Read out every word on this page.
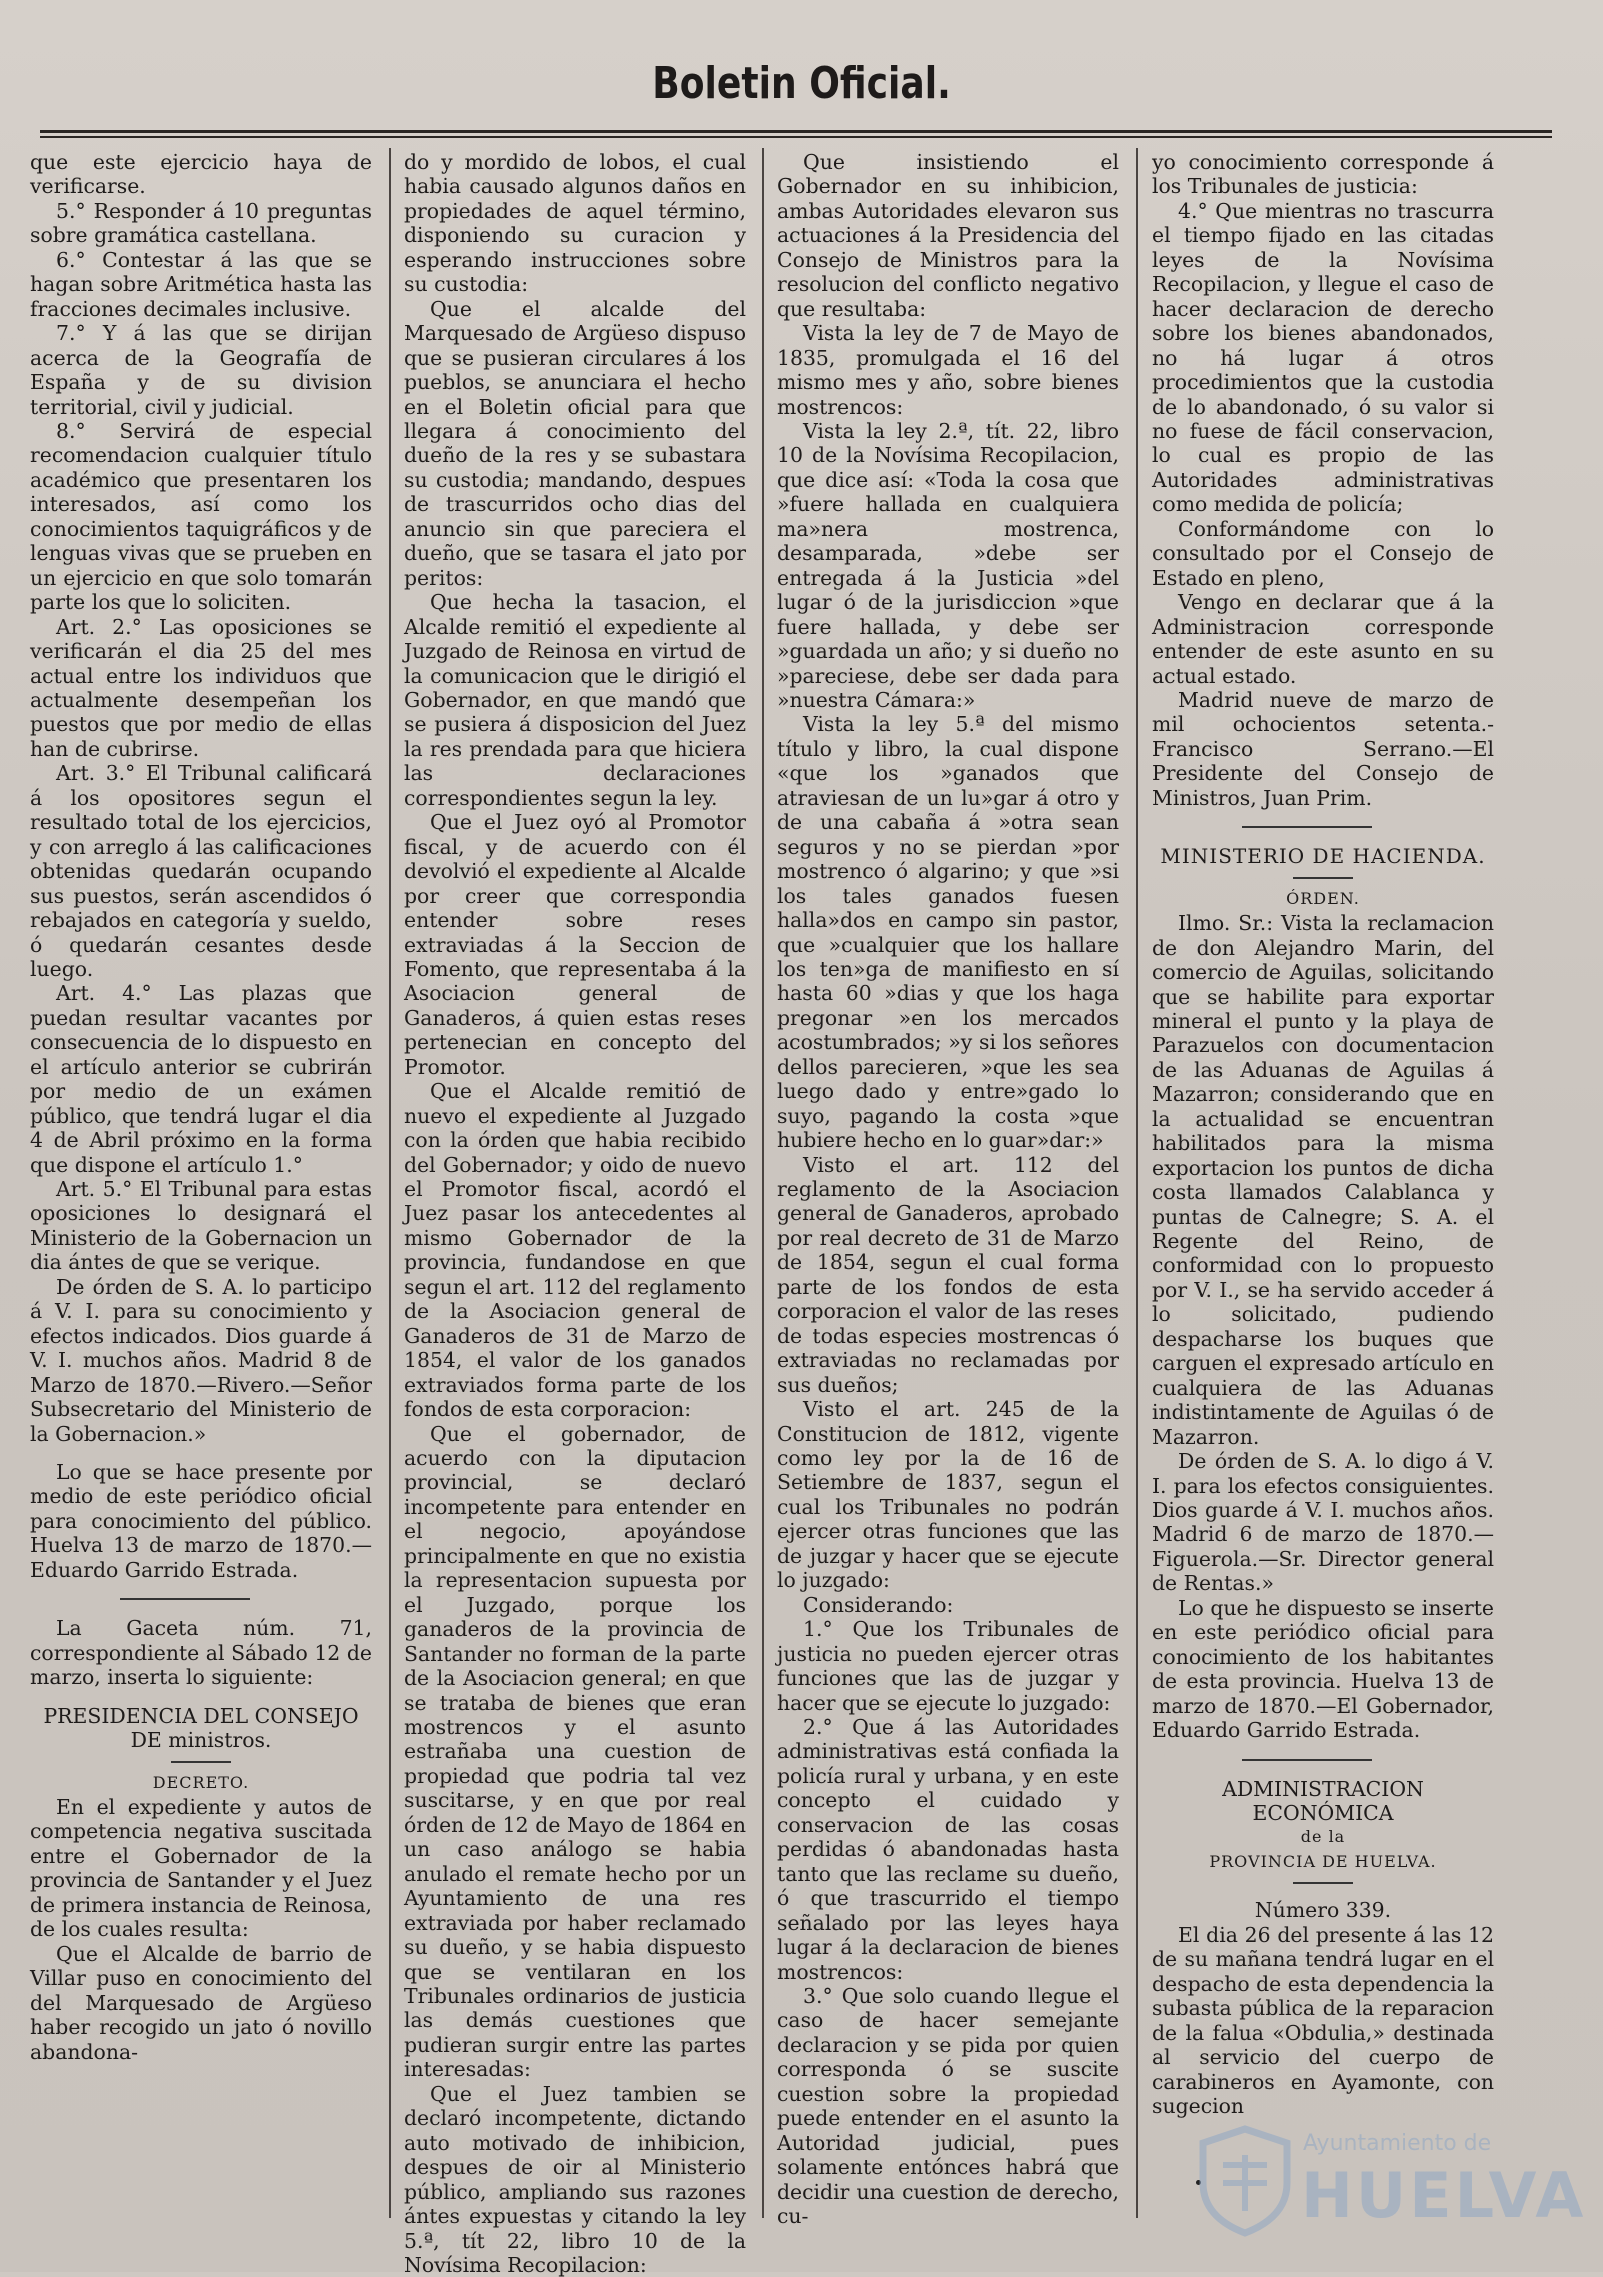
Boletin Oficial.

que este ejercicio haya de verificarse.

5.° Responder á 10 preguntas sobre gramática castellana.

6.° Contestar á las que se hagan sobre Aritmética hasta las fracciones decimales inclusive.

7.° Y á las que se dirijan acerca de la Geografía de España y de su division territorial, civil y judicial.

8.° Servirá de especial recomendacion cualquier título académico que presentaren los interesados, así como los conocimientos taquigráficos y de lenguas vivas que se prueben en un ejercicio en que solo tomarán parte los que lo soliciten.

Art. 2.° Las oposiciones se verificarán el dia 25 del mes actual entre los individuos que actualmente desempeñan los puestos que por medio de ellas han de cubrirse.

Art. 3.° El Tribunal calificará á los opositores segun el resultado total de los ejercicios, y con arreglo á las calificaciones obtenidas quedarán ocupando sus puestos, serán ascendidos ó rebajados en categoría y sueldo, ó quedarán cesantes desde luego.

Art. 4.° Las plazas que puedan resultar vacantes por consecuencia de lo dispuesto en el artículo anterior se cubrirán por medio de un exámen público, que tendrá lugar el dia 4 de Abril próximo en la forma que dispone el artículo 1.°

Art. 5.° El Tribunal para estas oposiciones lo designará el Ministerio de la Gobernacion un dia ántes de que se verique.

De órden de S. A. lo participo á V. I. para su conocimiento y efectos indicados. Dios guarde á V. I. muchos años. Madrid 8 de Marzo de 1870.—Rivero.—Señor Subsecretario del Ministerio de la Gobernacion.»

Lo que se hace presente por medio de este periódico oficial para conocimiento del público. Huelva 13 de marzo de 1870.—Eduardo Garrido Estrada.

La Gaceta núm. 71, correspondiente al Sábado 12 de marzo, inserta lo siguiente:

PRESIDENCIA DEL CONSEJO DE ministros.

DECRETO.

En el expediente y autos de competencia negativa suscitada entre el Gobernador de la provincia de Santander y el Juez de primera instancia de Reinosa, de los cuales resulta:

Que el Alcalde de barrio de Villar puso en conocimiento del del Marquesado de Argüeso haber recogido un jato ó novillo abandona-

do y mordido de lobos, el cual habia causado algunos daños en propiedades de aquel término, disponiendo su curacion y esperando instrucciones sobre su custodia:

Que el alcalde del Marquesado de Argüeso dispuso que se pusieran circulares á los pueblos, se anunciara el hecho en el Boletin oficial para que llegara á conocimiento del dueño de la res y se subastara su custodia; mandando, despues de trascurridos ocho dias del anuncio sin que pareciera el dueño, que se tasara el jato por peritos:

Que hecha la tasacion, el Alcalde remitió el expediente al Juzgado de Reinosa en virtud de la comunicacion que le dirigió el Gobernador, en que mandó que se pusiera á disposicion del Juez la res prendada para que hiciera las declaraciones correspondientes segun la ley.

Que el Juez oyó al Promotor fiscal, y de acuerdo con él devolvió el expediente al Alcalde por creer que correspondia entender sobre reses extraviadas á la Seccion de Fomento, que representaba á la Asociacion general de Ganaderos, á quien estas reses pertenecian en concepto del Promotor.

Que el Alcalde remitió de nuevo el expediente al Juzgado con la órden que habia recibido del Gobernador; y oido de nuevo el Promotor fiscal, acordó el Juez pasar los antecedentes al mismo Gobernador de la provincia, fundandose en que segun el art. 112 del reglamento de la Asociacion general de Ganaderos de 31 de Marzo de 1854, el valor de los ganados extraviados forma parte de los fondos de esta corporacion:

Que el gobernador, de acuerdo con la diputacion provincial, se declaró incompetente para entender en el negocio, apoyándose principalmente en que no existia la representacion supuesta por el Juzgado, porque los ganaderos de la provincia de Santander no forman de la parte de la Asociacion general; en que se trataba de bienes que eran mostrencos y el asunto estrañaba una cuestion de propiedad que podria tal vez suscitarse, y en que por real órden de 12 de Mayo de 1864 en un caso análogo se habia anulado el remate hecho por un Ayuntamiento de una res extraviada por haber reclamado su dueño, y se habia dispuesto que se ventilaran en los Tribunales ordinarios de justicia las demás cuestiones que pudieran surgir entre las partes interesadas:

Que el Juez tambien se declaró incompetente, dictando auto motivado de inhibicion, despues de oir al Ministerio público, ampliando sus razones ántes expuestas y citando la ley 5.ª, tít 22, libro 10 de la Novísima Recopilacion:

Que insistiendo el Gobernador en su inhibicion, ambas Autoridades elevaron sus actuaciones á la Presidencia del Consejo de Ministros para la resolucion del conflicto negativo que resultaba:

Vista la ley de 7 de Mayo de 1835, promulgada el 16 del mismo mes y año, sobre bienes mostrencos:

Vista la ley 2.ª, tít. 22, libro 10 de la Novísima Recopilacion, que dice así: «Toda la cosa que »fuere hallada en cualquiera ma»nera mostrenca, desamparada, »debe ser entregada á la Justicia »del lugar ó de la jurisdiccion »que fuere hallada, y debe ser »guardada un año; y si dueño no »pareciese, debe ser dada para »nuestra Cámara:»

Vista la ley 5.ª del mismo título y libro, la cual dispone «que los »ganados que atraviesan de un lu»gar á otro y de una cabaña á »otra sean seguros y no se pierdan »por mostrenco ó algarino; y que »si los tales ganados fuesen halla»dos en campo sin pastor, que »cualquier que los hallare los ten»ga de manifiesto en sí hasta 60 »dias y que los haga pregonar »en los mercados acostumbrados; »y si los señores dellos parecieren, »que les sea luego dado y entre»gado lo suyo, pagando la costa »que hubiere hecho en lo guar»dar:»

Visto el art. 112 del reglamento de la Asociacion general de Ganaderos, aprobado por real decreto de 31 de Marzo de 1854, segun el cual forma parte de los fondos de esta corporacion el valor de las reses de todas especies mostrencas ó extraviadas no reclamadas por sus dueños;

Visto el art. 245 de la Constitucion de 1812, vigente como ley por la de 16 de Setiembre de 1837, segun el cual los Tribunales no podrán ejercer otras funciones que las de juzgar y hacer que se ejecute lo juzgado:

Considerando:

1.° Que los Tribunales de justicia no pueden ejercer otras funciones que las de juzgar y hacer que se ejecute lo juzgado:

2.° Que á las Autoridades administrativas está confiada la policía rural y urbana, y en este concepto el cuidado y conservacion de las cosas perdidas ó abandonadas hasta tanto que las reclame su dueño, ó que trascurrido el tiempo señalado por las leyes haya lugar á la declaracion de bienes mostrencos:

3.° Que solo cuando llegue el caso de hacer semejante declaracion y se pida por quien corresponda ó se suscite cuestion sobre la propiedad puede entender en el asunto la Autoridad judicial, pues solamente entónces habrá que decidir una cuestion de derecho, cu-

yo conocimiento corresponde á los Tribunales de justicia:

4.° Que mientras no trascurra el tiempo fijado en las citadas leyes de la Novísima Recopilacion, y llegue el caso de hacer declaracion de derecho sobre los bienes abandonados, no há lugar á otros procedimientos que la custodia de lo abandonado, ó su valor si no fuese de fácil conservacion, lo cual es propio de las Autoridades administrativas como medida de policía;

Conformándome con lo consultado por el Consejo de Estado en pleno,

Vengo en declarar que á la Administracion corresponde entender de este asunto en su actual estado.

Madrid nueve de marzo de mil ochocientos setenta.-Francisco Serrano.—El Presidente del Consejo de Ministros, Juan Prim.

MINISTERIO DE HACIENDA.

ÓRDEN.

Ilmo. Sr.: Vista la reclamacion de don Alejandro Marin, del comercio de Aguilas, solicitando que se habilite para exportar mineral el punto y la playa de Parazuelos con documentacion de las Aduanas de Aguilas á Mazarron; considerando que en la actualidad se encuentran habilitados para la misma exportacion los puntos de dicha costa llamados Calablanca y puntas de Calnegre; S. A. el Regente del Reino, de conformidad con lo propuesto por V. I., se ha servido acceder á lo solicitado, pudiendo despacharse los buques que carguen el expresado artículo en cualquiera de las Aduanas indistintamente de Aguilas ó de Mazarron.

De órden de S. A. lo digo á V. I. para los efectos consiguientes. Dios guarde á V. I. muchos años. Madrid 6 de marzo de 1870.—Figuerola.—Sr. Director general de Rentas.»

Lo que he dispuesto se inserte en este periódico oficial para conocimiento de los habitantes de esta provincia. Huelva 13 de marzo de 1870.—El Gobernador, Eduardo Garrido Estrada.

ADMINISTRACION ECONÓMICA

de la

PROVINCIA DE HUELVA.

Número 339.

El dia 26 del presente á las 12 de su mañana tendrá lugar en el despacho de esta dependencia la subasta pública de la reparacion de la falua «Obdulia,» destinada al servicio del cuerpo de carabineros en Ayamonte, con sugecion

Ayuntamiento de
HUELVA
